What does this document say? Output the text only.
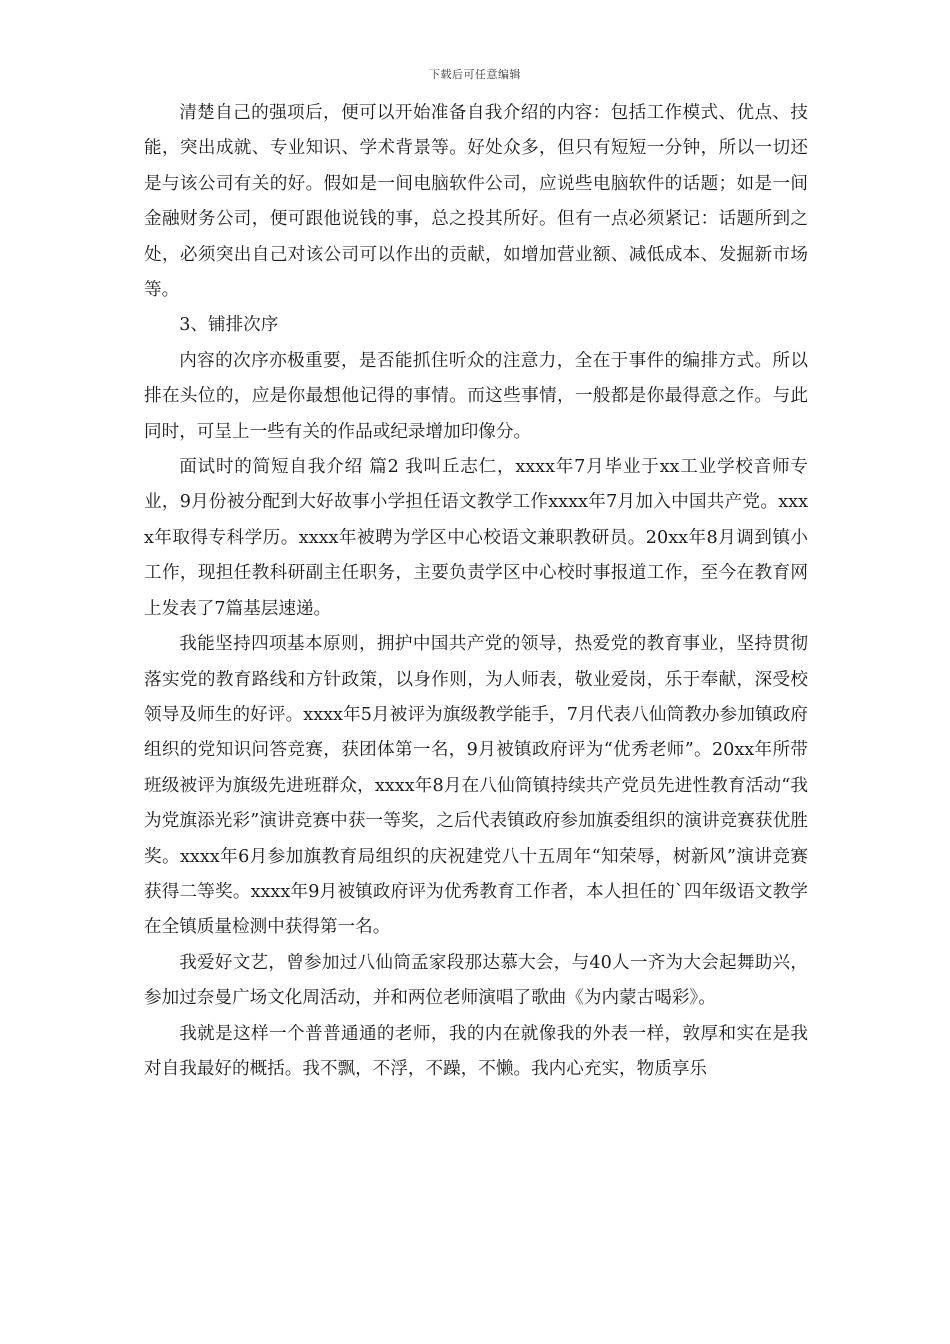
下载后可任意编辑

清楚自己的强项后，便可以开始准备自我介绍的内容：包括工作模式、优点、技能，突出成就、专业知识、学术背景等。好处众多，但只有短短一分钟，所以一切还是与该公司有关的好。假如是一间电脑软件公司，应说些电脑软件的话题；如是一间金融财务公司，便可跟他说钱的事，总之投其所好。但有一点必须紧记：话题所到之处，必须突出自己对该公司可以作出的贡献，如增加营业额、减低成本、发掘新市场等。

3、铺排次序

内容的次序亦极重要，是否能抓住听众的注意力，全在于事件的编排方式。所以排在头位的，应是你最想他记得的事情。而这些事情，一般都是你最得意之作。与此同时，可呈上一些有关的作品或纪录增加印像分。

面试时的简短自我介绍 篇2 我叫丘志仁，xxxx年7月毕业于xx工业学校音师专业，9月份被分配到大好故事小学担任语文教学工作xxxx年7月加入中国共产党。xxxx年取得专科学历。xxxx年被聘为学区中心校语文兼职教研员。20xx年8月调到镇小工作，现担任教科研副主任职务，主要负责学区中心校时事报道工作，至今在教育网上发表了7篇基层速递。

我能坚持四项基本原则，拥护中国共产党的领导，热爱党的教育事业，坚持贯彻落实党的教育路线和方针政策，以身作则，为人师表，敬业爱岗，乐于奉献，深受校领导及师生的好评。xxxx年5月被评为旗级教学能手，7月代表八仙筒教办参加镇政府组织的党知识问答竞赛，获团体第一名，9月被镇政府评为“优秀老师”。20xx年所带班级被评为旗级先进班群众，xxxx年8月在八仙筒镇持续共产党员先进性教育活动“我为党旗添光彩”演讲竞赛中获一等奖，之后代表镇政府参加旗委组织的演讲竞赛获优胜奖。xxxx年6月参加旗教育局组织的庆祝建党八十五周年“知荣辱，树新风”演讲竞赛获得二等奖。xxxx年9月被镇政府评为优秀教育工作者，本人担任的`四年级语文教学在全镇质量检测中获得第一名。

我爱好文艺，曾参加过八仙筒孟家段那达慕大会，与40人一齐为大会起舞助兴，参加过奈曼广场文化周活动，并和两位老师演唱了歌曲《为内蒙古喝彩》。

我就是这样一个普普通通的老师，我的内在就像我的外表一样，敦厚和实在是我对自我最好的概括。我不飘，不浮，不躁，不懒。我内心充实，物质享乐
